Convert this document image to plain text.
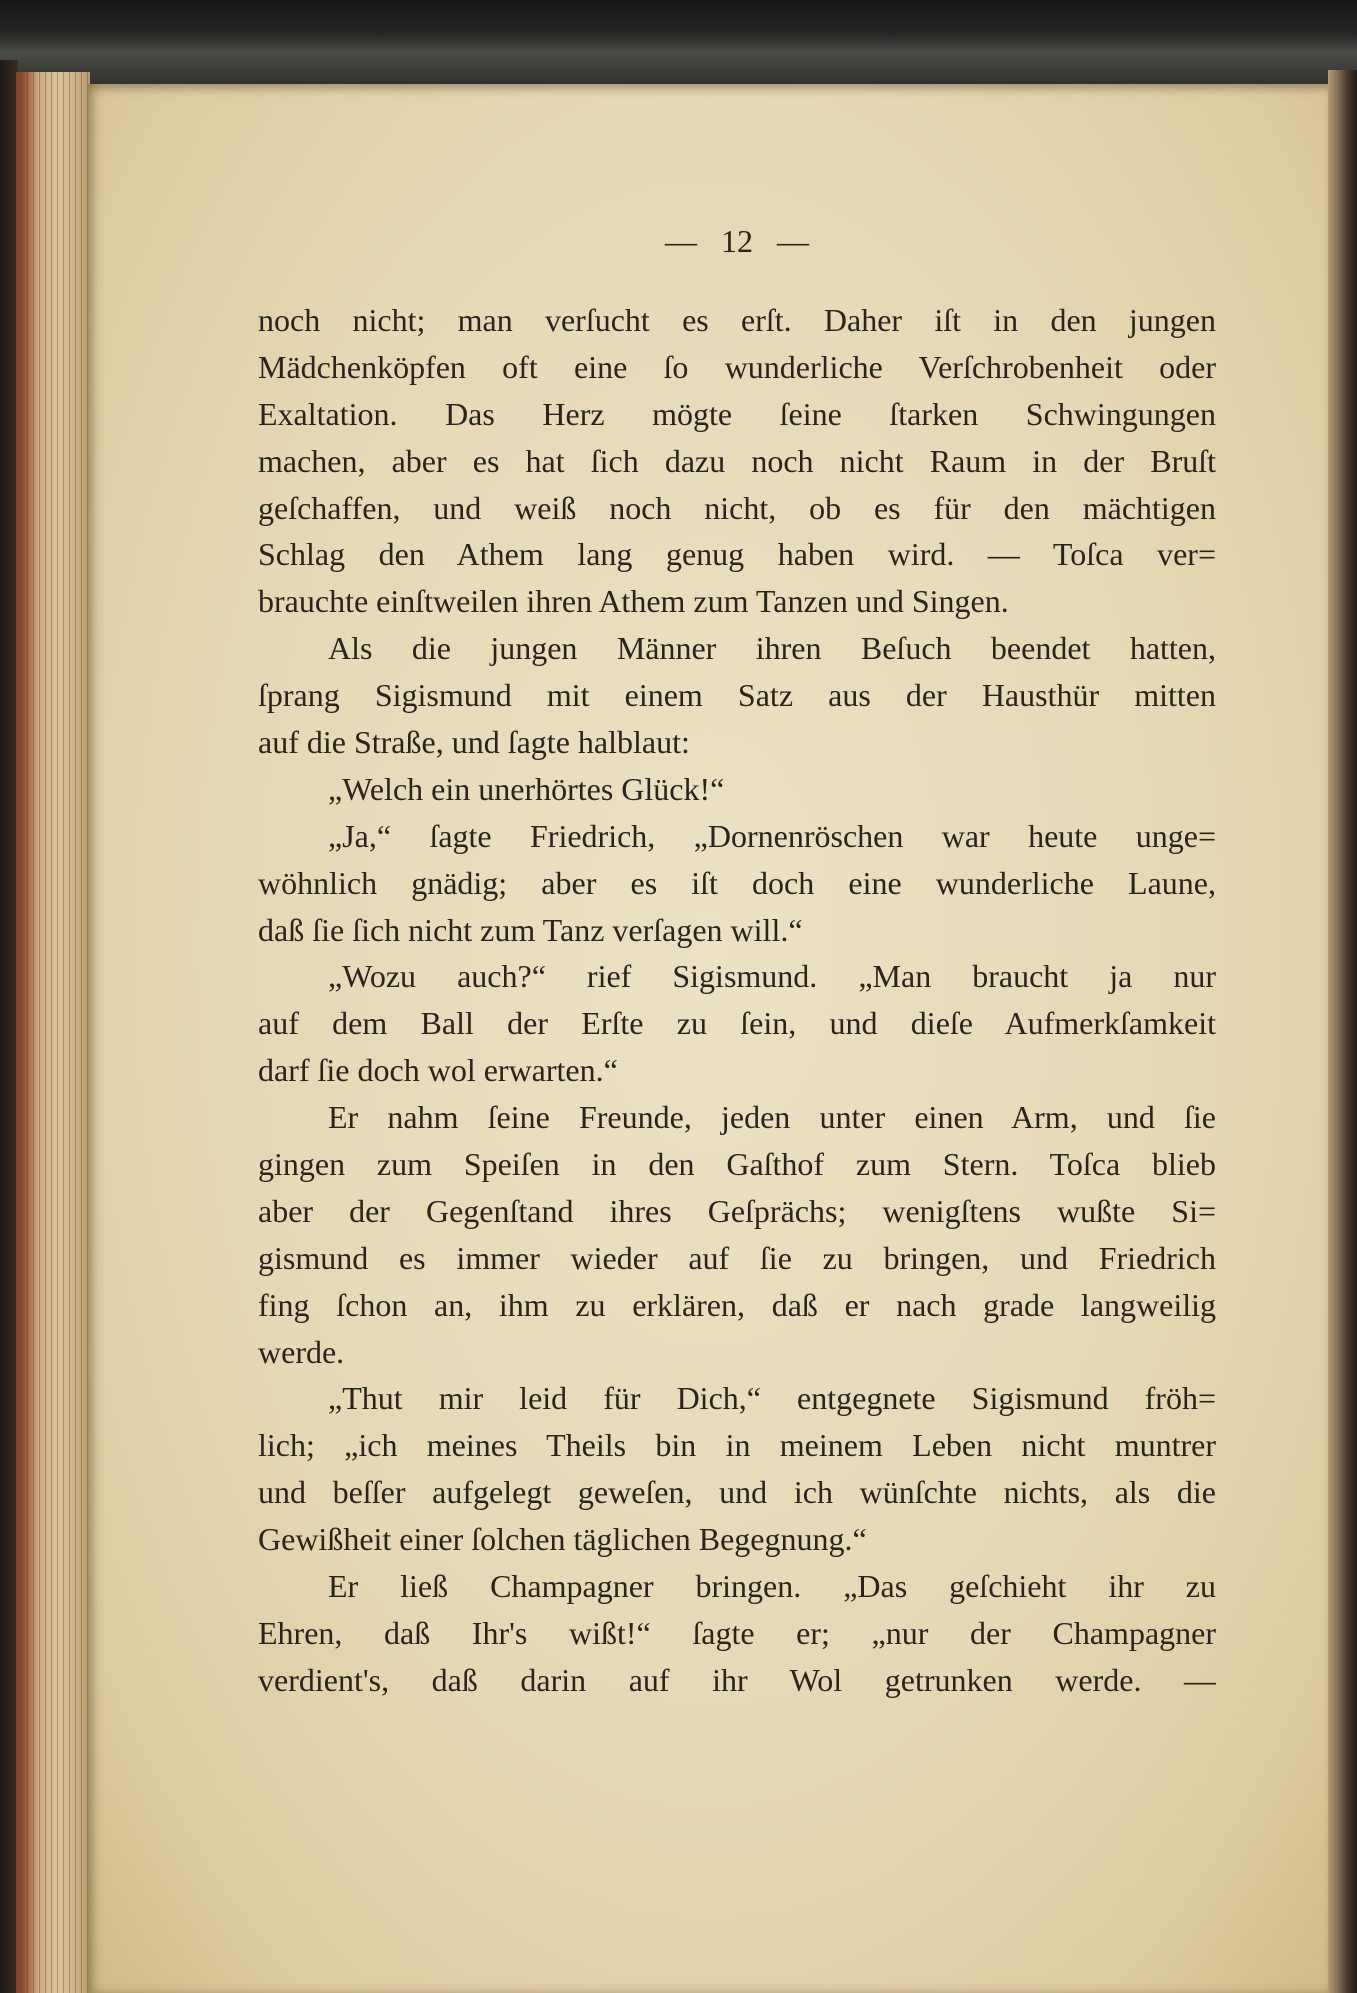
— 12 —
noch nicht; man verſucht es erſt. Daher iſt in den jungen
Mädchenköpfen oft eine ſo wunderliche Verſchrobenheit oder
Exaltation. Das Herz mögte ſeine ſtarken Schwingungen
machen, aber es hat ſich dazu noch nicht Raum in der Bruſt
geſchaffen, und weiß noch nicht, ob es für den mächtigen
Schlag den Athem lang genug haben wird. — Toſca ver=
brauchte einſtweilen ihren Athem zum Tanzen und Singen.
Als die jungen Männer ihren Beſuch beendet hatten,
ſprang Sigismund mit einem Satz aus der Hausthür mitten
auf die Straße, und ſagte halblaut:
„Welch ein unerhörtes Glück!“
„Ja,“ ſagte Friedrich, „Dornenröschen war heute unge=
wöhnlich gnädig; aber es iſt doch eine wunderliche Laune,
daß ſie ſich nicht zum Tanz verſagen will.“
„Wozu auch?“ rief Sigismund. „Man braucht ja nur
auf dem Ball der Erſte zu ſein, und dieſe Aufmerkſamkeit
darf ſie doch wol erwarten.“
Er nahm ſeine Freunde, jeden unter einen Arm, und ſie
gingen zum Speiſen in den Gaſthof zum Stern. Toſca blieb
aber der Gegenſtand ihres Geſprächs; wenigſtens wußte Si=
gismund es immer wieder auf ſie zu bringen, und Friedrich
fing ſchon an, ihm zu erklären, daß er nach grade langweilig
werde.
„Thut mir leid für Dich,“ entgegnete Sigismund fröh=
lich; „ich meines Theils bin in meinem Leben nicht muntrer
und beſſer aufgelegt geweſen, und ich wünſchte nichts, als die
Gewißheit einer ſolchen täglichen Begegnung.“
Er ließ Champagner bringen. „Das geſchieht ihr zu
Ehren, daß Ihr's wißt!“ ſagte er; „nur der Champagner
verdient's, daß darin auf ihr Wol getrunken werde. —
